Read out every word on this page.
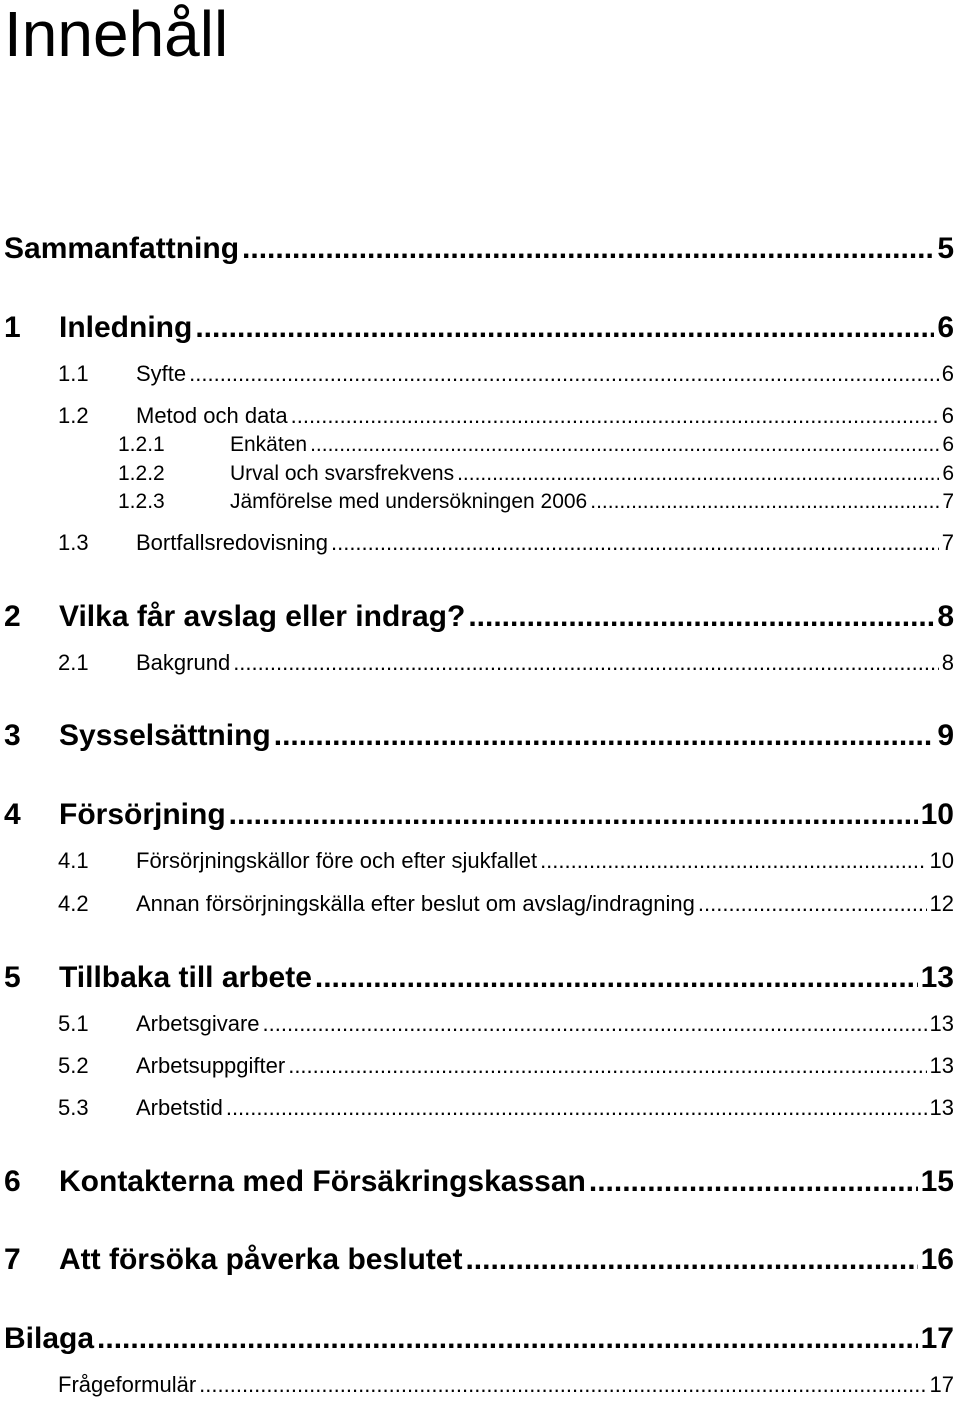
Innehåll
Sammanfattning .....	5
1	Inledning .....	6
1.1	Syfte .....	6
1.2	Metod och data .....	6
1.2.1	Enkäten .....	6
1.2.2	Urval och svarsfrekvens .....	6
1.2.3	Jämförelse med undersökningen 2006 .....	7
1.3	Bortfallsredovisning .....	7
2	Vilka får avslag eller indrag? .....	8
2.1	Bakgrund .....	8
3	Sysselsättning .....	9
4	Försörjning .....	10
4.1	Försörjningskällor före och efter sjukfallet .....	10
4.2	Annan försörjningskälla efter beslut om avslag/indragning .....	12
5	Tillbaka till arbete .....	13
5.1	Arbetsgivare .....	13
5.2	Arbetsuppgifter .....	13
5.3	Arbetstid .....	13
6	Kontakterna med Försäkringskassan .....	15
7	Att försöka påverka beslutet .....	16
Bilaga .....	17
Frågeformulär .....	17
